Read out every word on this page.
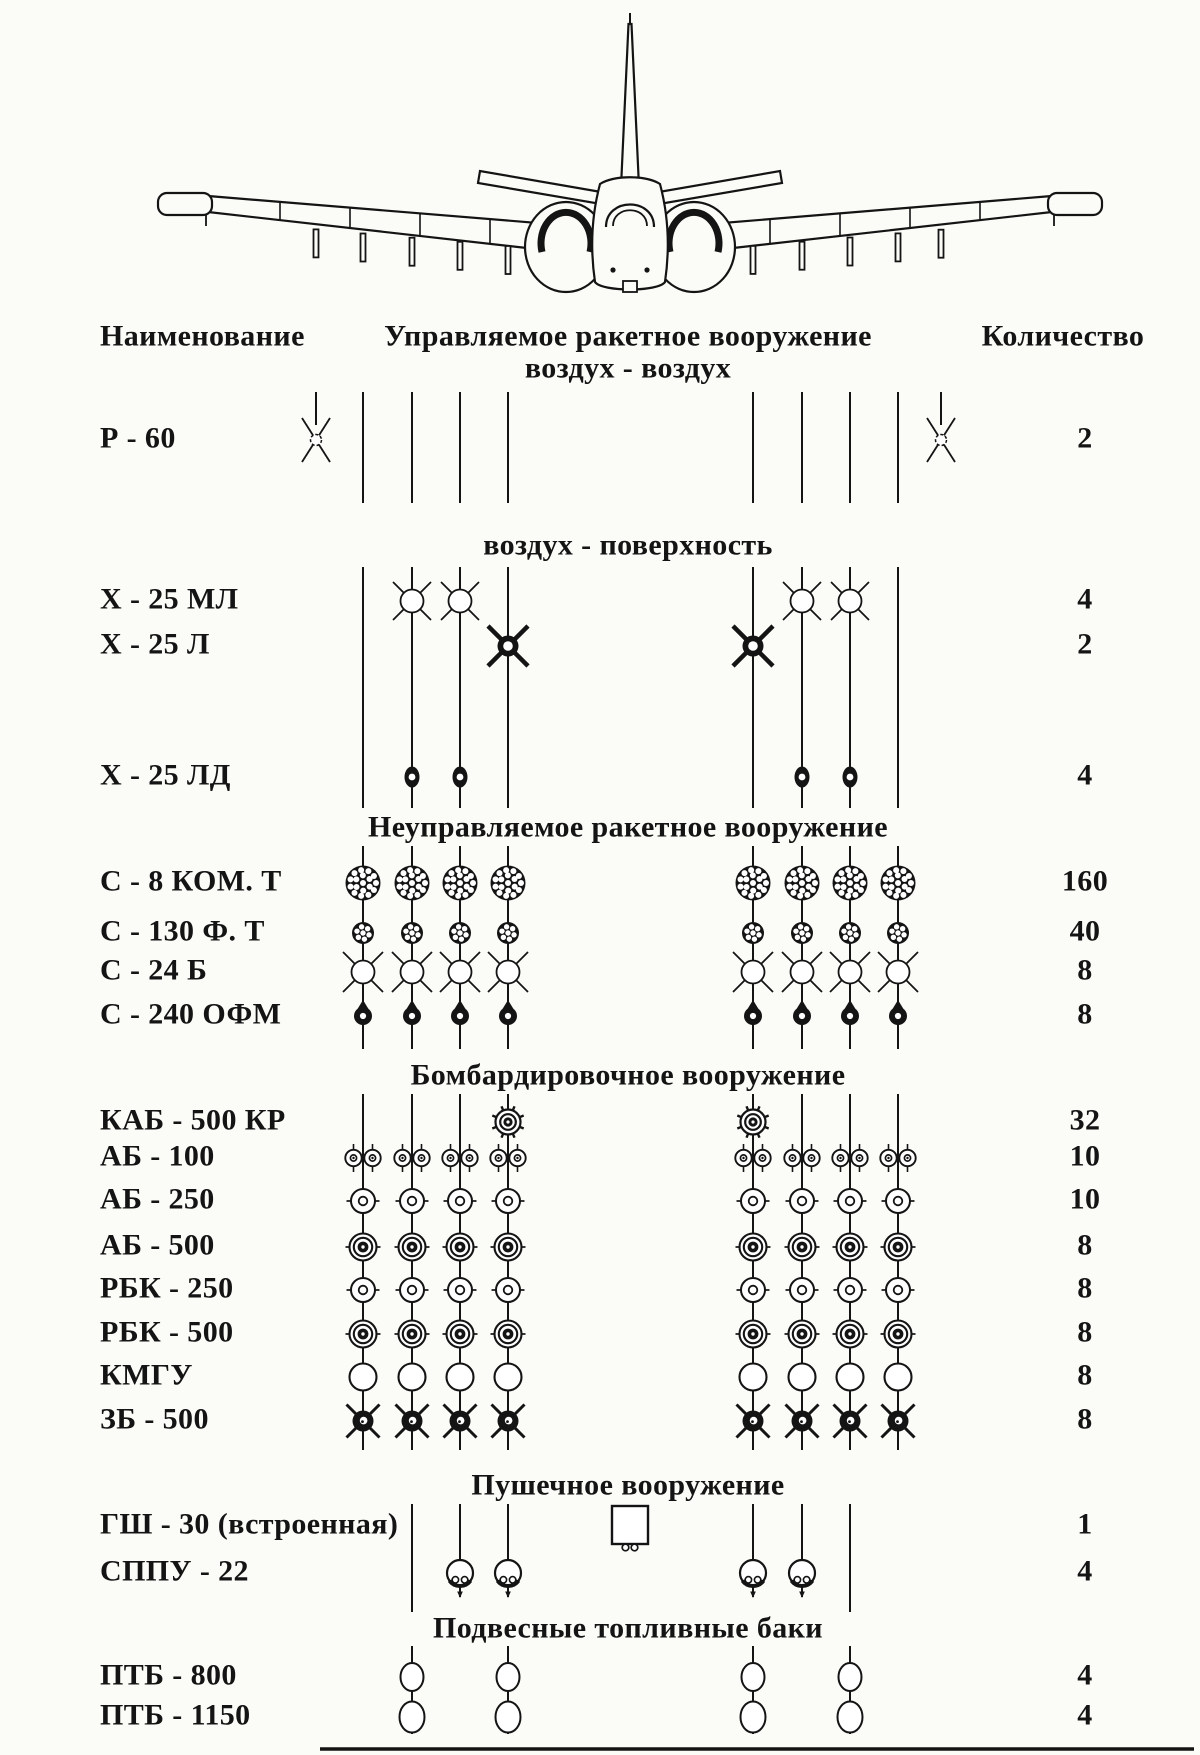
Наименование	Управляемое ракетное вооружение
воздух - воздух
Количество
воздух - поверхность
Неуправляемое ракетное вооружение
Бомбардировочное вооружение
Пушечное вооружение
Подвесные топливные баки
Р - 60	2
Х - 25 МЛ	4
Х - 25 Л	2
Х - 25 ЛД	4
С - 8 КОМ. Т	160
С - 130 Ф. Т	40
С - 24 Б	8
С - 240 ОФМ	8
КАБ - 500 КР	32
АБ - 100	10
АБ - 250	10
АБ - 500	8
РБК - 250	8
РБК - 500	8
КМГУ	8
ЗБ - 500	8
ГШ - 30 (встроенная)	1
СППУ - 22	4
ПТБ - 800	4
ПТБ - 1150	4
